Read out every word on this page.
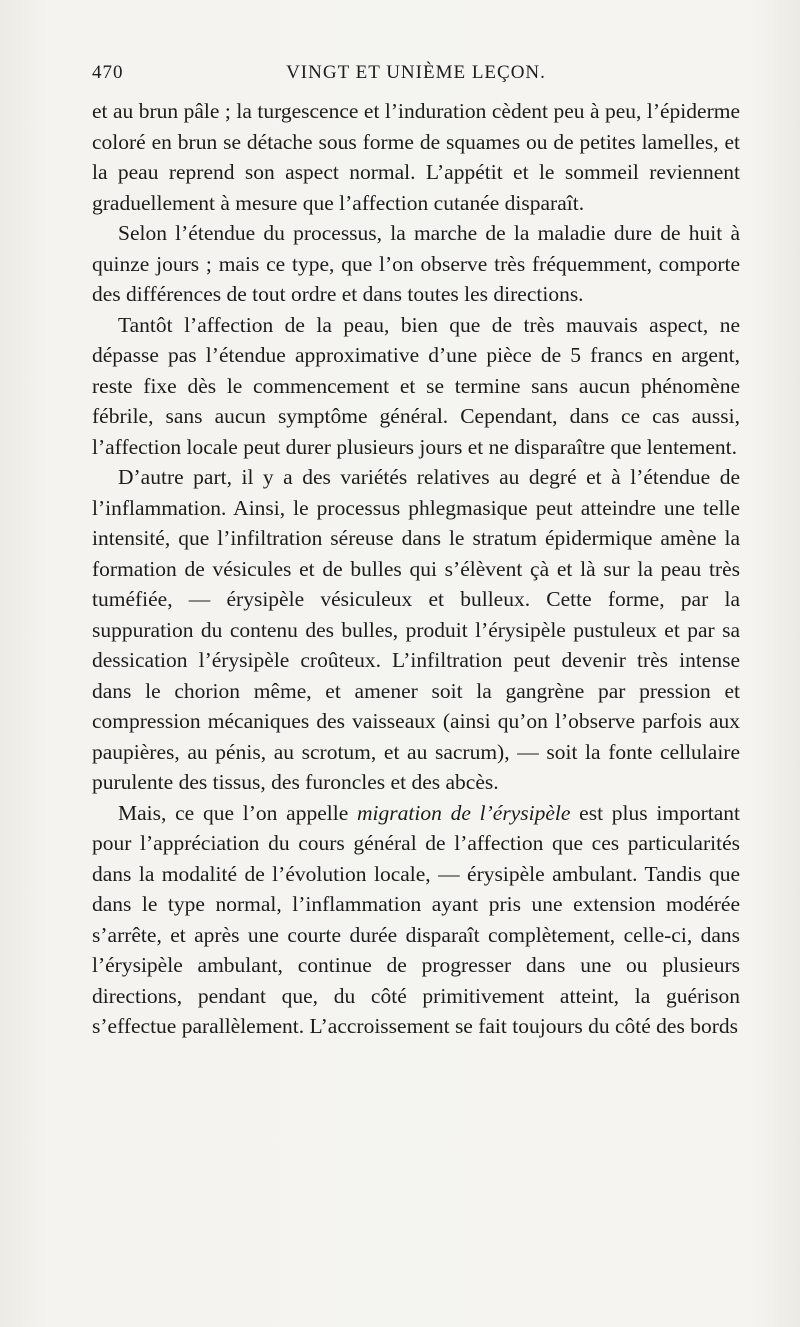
470	VINGT ET UNIÈME LEÇON.

et au brun pâle ; la turgescence et l’induration cèdent peu à peu, l’épiderme coloré en brun se détache sous forme de squames ou de petites lamelles, et la peau reprend son aspect normal. L’appétit et le sommeil reviennent graduellement à mesure que l’affection cutanée disparaît.

Selon l’étendue du processus, la marche de la maladie dure de huit à quinze jours ; mais ce type, que l’on observe très fréquemment, comporte des différences de tout ordre et dans toutes les directions.

Tantôt l’affection de la peau, bien que de très mauvais aspect, ne dépasse pas l’étendue approximative d’une pièce de 5 francs en argent, reste fixe dès le commencement et se termine sans aucun phénomène fébrile, sans aucun symptôme général. Cependant, dans ce cas aussi, l’affection locale peut durer plusieurs jours et ne disparaître que lentement.

D’autre part, il y a des variétés relatives au degré et à l’étendue de l’inflammation. Ainsi, le processus phlegmasique peut atteindre une telle intensité, que l’infiltration séreuse dans le stratum épidermique amène la formation de vésicules et de bulles qui s’élèvent çà et là sur la peau très tuméfiée, — érysipèle vésiculeux et bulleux. Cette forme, par la suppuration du contenu des bulles, produit l’érysipèle pustuleux et par sa dessication l’érysipèle croûteux. L’infiltration peut devenir très intense dans le chorion même, et amener soit la gangrène par pression et compression mécaniques des vaisseaux (ainsi qu’on l’observe parfois aux paupières, au pénis, au scrotum, et au sacrum), — soit la fonte cellulaire purulente des tissus, des furoncles et des abcès.

Mais, ce que l’on appelle migration de l’érysipèle est plus important pour l’appréciation du cours général de l’affection que ces particularités dans la modalité de l’évolution locale, — érysipèle ambulant. Tandis que dans le type normal, l’inflammation ayant pris une extension modérée s’arrête, et après une courte durée disparaît complètement, celle-ci, dans l’érysipèle ambulant, continue de progresser dans une ou plusieurs directions, pendant que, du côté primitivement atteint, la guérison s’effectue parallèlement. L’accroissement se fait toujours du côté des bords
